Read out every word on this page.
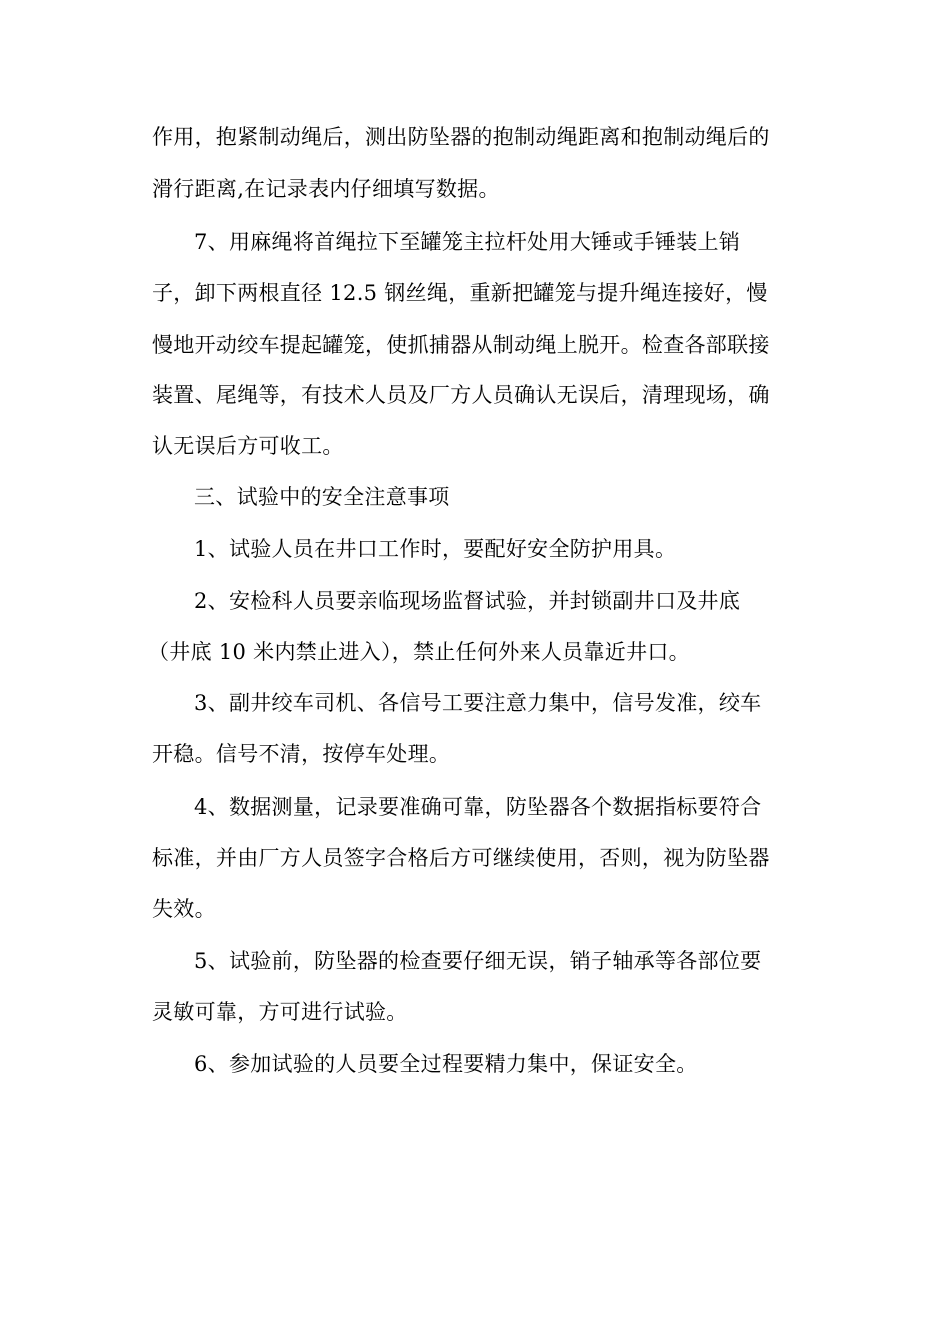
作用，抱紧制动绳后，测出防坠器的抱制动绳距离和抱制动绳后的
滑行距离,在记录表内仔细填写数据。
7、用麻绳将首绳拉下至罐笼主拉杆处用大锤或手锤装上销
子，卸下两根直径 12.5 钢丝绳，重新把罐笼与提升绳连接好，慢
慢地开动绞车提起罐笼，使抓捕器从制动绳上脱开。检查各部联接
装置、尾绳等，有技术人员及厂方人员确认无误后，清理现场，确
认无误后方可收工。
三、试验中的安全注意事项
1、试验人员在井口工作时，要配好安全防护用具。
2、安检科人员要亲临现场监督试验，并封锁副井口及井底
（井底 10 米内禁止进入），禁止任何外来人员靠近井口。
3、副井绞车司机、各信号工要注意力集中，信号发准，绞车
开稳。信号不清，按停车处理。
4、数据测量，记录要准确可靠，防坠器各个数据指标要符合
标准，并由厂方人员签字合格后方可继续使用，否则，视为防坠器
失效。
5、试验前，防坠器的检查要仔细无误，销子轴承等各部位要
灵敏可靠，方可进行试验。
6、参加试验的人员要全过程要精力集中，保证安全。
